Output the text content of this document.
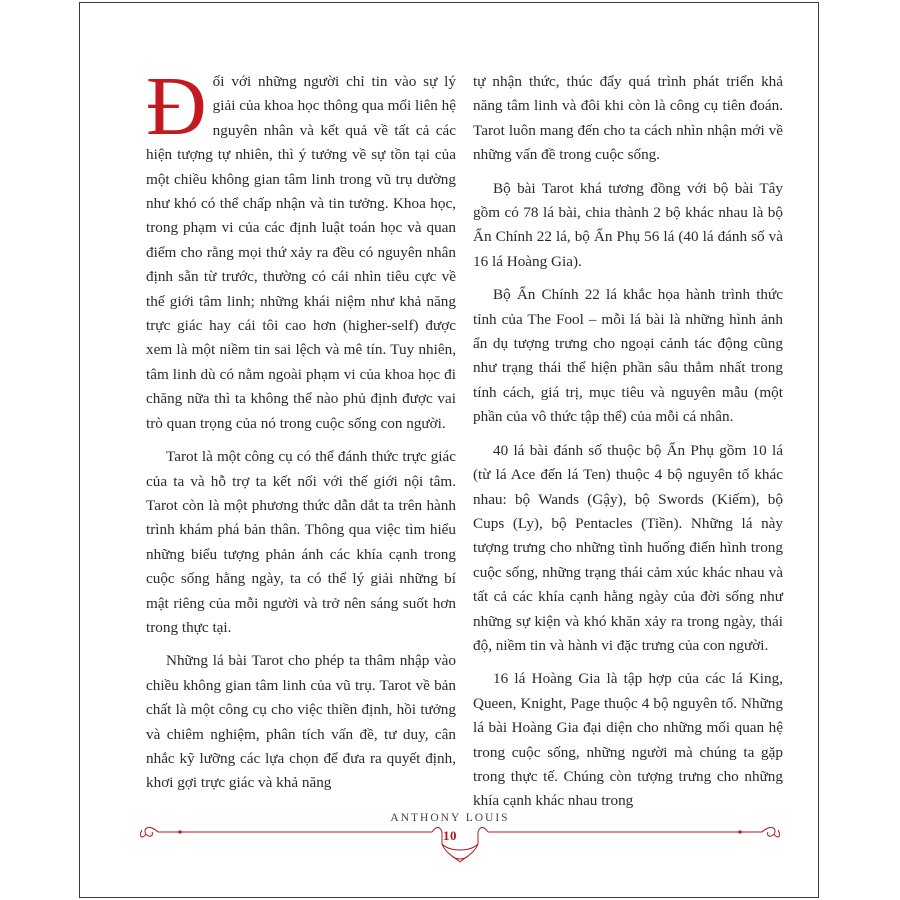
Đối với những người chỉ tin vào sự lý giải của khoa học thông qua mối liên hệ nguyên nhân và kết quả về tất cả các hiện tượng tự nhiên, thì ý tưởng về sự tồn tại của một chiều không gian tâm linh trong vũ trụ dường như khó có thể chấp nhận và tin tưởng. Khoa học, trong phạm vi của các định luật toán học và quan điểm cho rằng mọi thứ xảy ra đều có nguyên nhân định sẵn từ trước, thường có cái nhìn tiêu cực về thế giới tâm linh; những khái niệm như khả năng trực giác hay cái tôi cao hơn (higher-self) được xem là một niềm tin sai lệch và mê tín. Tuy nhiên, tâm linh dù có nằm ngoài phạm vi của khoa học đi chăng nữa thì ta không thể nào phủ định được vai trò quan trọng của nó trong cuộc sống con người.

Tarot là một công cụ có thể đánh thức trực giác của ta và hỗ trợ ta kết nối với thế giới nội tâm. Tarot còn là một phương thức dẫn dắt ta trên hành trình khám phá bản thân. Thông qua việc tìm hiểu những biểu tượng phản ánh các khía cạnh trong cuộc sống hằng ngày, ta có thể lý giải những bí mật riêng của mỗi người và trở nên sáng suốt hơn trong thực tại.

Những lá bài Tarot cho phép ta thâm nhập vào chiều không gian tâm linh của vũ trụ. Tarot về bản chất là một công cụ cho việc thiền định, hồi tưởng và chiêm nghiệm, phân tích vấn đề, tư duy, cân nhắc kỹ lưỡng các lựa chọn để đưa ra quyết định, khơi gợi trực giác và khả năng

tự nhận thức, thúc đẩy quá trình phát triển khả năng tâm linh và đôi khi còn là công cụ tiên đoán. Tarot luôn mang đến cho ta cách nhìn nhận mới về những vấn đề trong cuộc sống.

Bộ bài Tarot khá tương đồng với bộ bài Tây gồm có 78 lá bài, chia thành 2 bộ khác nhau là bộ Ẩn Chính 22 lá, bộ Ẩn Phụ 56 lá (40 lá đánh số và 16 lá Hoàng Gia).

Bộ Ẩn Chính 22 lá khắc họa hành trình thức tỉnh của The Fool – mỗi lá bài là những hình ảnh ẩn dụ tượng trưng cho ngoại cảnh tác động cũng như trạng thái thể hiện phần sâu thẳm nhất trong tính cách, giá trị, mục tiêu và nguyên mẫu (một phần của vô thức tập thể) của mỗi cá nhân.

40 lá bài đánh số thuộc bộ Ẩn Phụ gồm 10 lá (từ lá Ace đến lá Ten) thuộc 4 bộ nguyên tố khác nhau: bộ Wands (Gậy), bộ Swords (Kiếm), bộ Cups (Ly), bộ Pentacles (Tiền). Những lá này tượng trưng cho những tình huống điển hình trong cuộc sống, những trạng thái cảm xúc khác nhau và tất cả các khía cạnh hằng ngày của đời sống như những sự kiện và khó khăn xảy ra trong ngày, thái độ, niềm tin và hành vi đặc trưng của con người.

16 lá Hoàng Gia là tập hợp của các lá King, Queen, Knight, Page thuộc 4 bộ nguyên tố. Những lá bài Hoàng Gia đại diện cho những mối quan hệ trong cuộc sống, những người mà chúng ta gặp trong thực tế. Chúng còn tượng trưng cho những khía cạnh khác nhau trong

ANTHONY LOUIS
10
